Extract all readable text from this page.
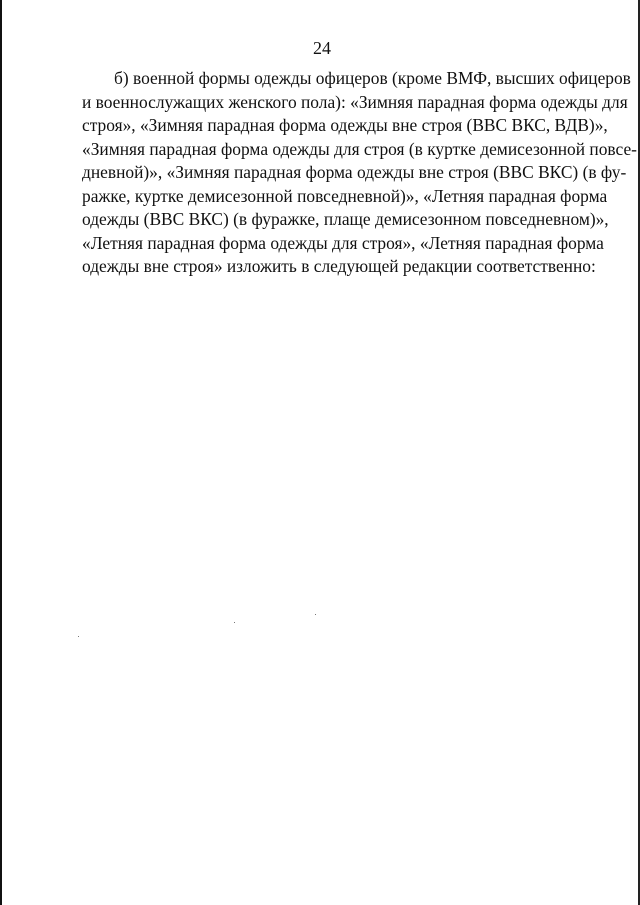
24
б) военной формы одежды офицеров (кроме ВМФ, высших офицеров
и военнослужащих женского пола): «Зимняя парадная форма одежды для
строя», «Зимняя парадная форма одежды вне строя (ВВС ВКС, ВДВ)»,
«Зимняя парадная форма одежды для строя (в куртке демисезонной повсе-
дневной)», «Зимняя парадная форма одежды вне строя (ВВС ВКС) (в фу-
ражке, куртке демисезонной повседневной)», «Летняя парадная форма
одежды (ВВС ВКС) (в фуражке, плаще демисезонном повседневном)»,
«Летняя парадная форма одежды для строя», «Летняя парадная форма
одежды вне строя» изложить в следующей редакции соответственно:
